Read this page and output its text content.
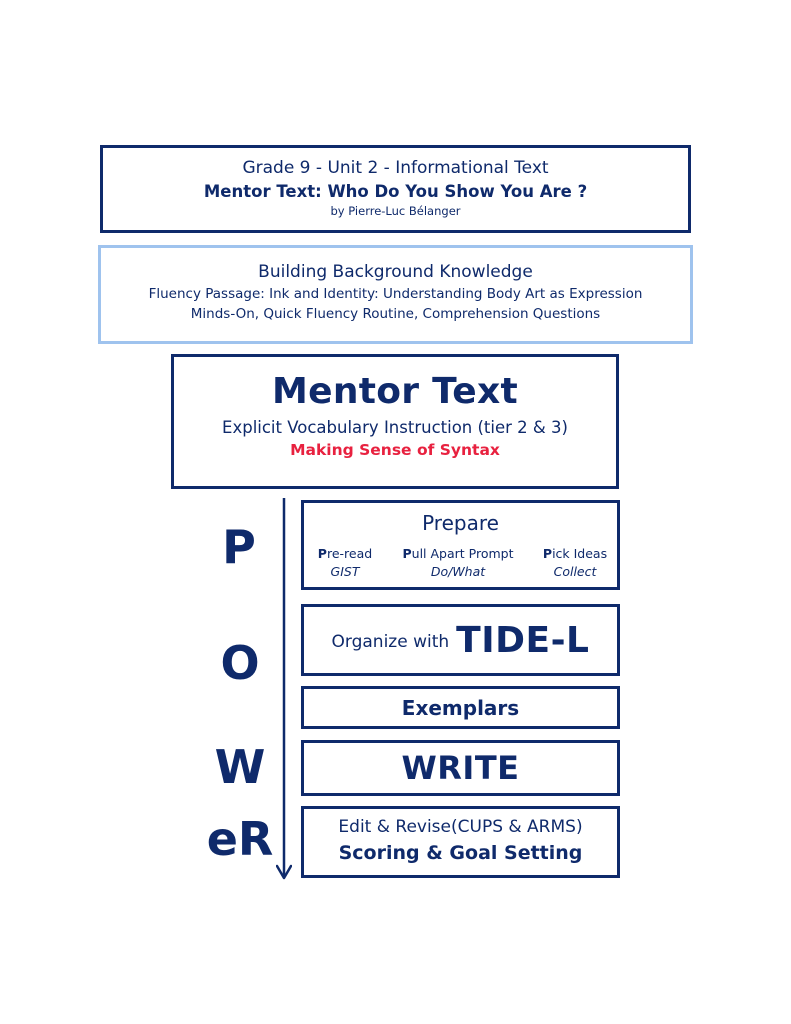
Grade 9 - Unit 2 - Informational Text
Mentor Text: Who Do You Show You Are ?
by Pierre-Luc Bélanger
Building Background Knowledge
Fluency Passage: Ink and Identity: Understanding Body Art as Expression
Minds-On, Quick Fluency Routine, Comprehension Questions
Mentor Text
Explicit Vocabulary Instruction (tier 2 & 3)
Making Sense of Syntax
P
O
W
eR
Prepare
Pre-read
GIST
Pull Apart Prompt
Do/What
Pick Ideas
Collect
Organize with TIDE-L
Exemplars
WRITE
Edit & Revise(CUPS & ARMS)
Scoring & Goal Setting
